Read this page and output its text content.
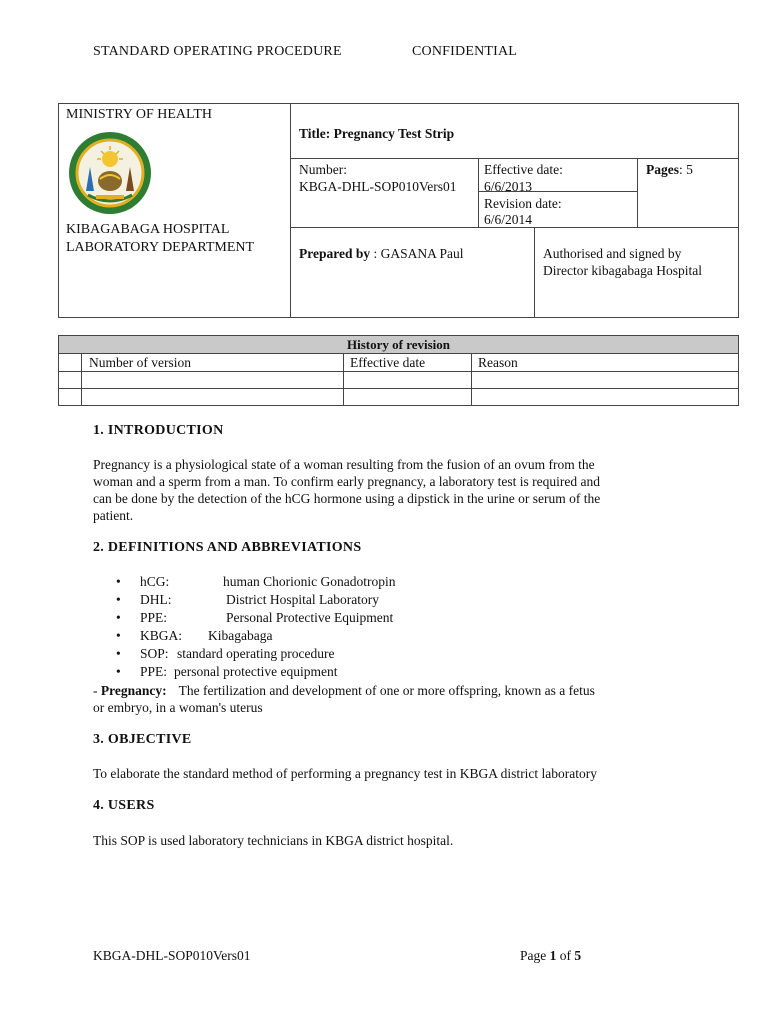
STANDARD OPERATING PROCEDURE	CONFIDENTIAL
MINISTRY OF HEALTH
KIBAGABAGA HOSPITAL
LABORATORY DEPARTMENT
Title: Pregnancy Test Strip
Number:
KBGA-DHL-SOP010Vers01
Effective date:
6/6/2013
Revision date:
6/6/2014
Pages: 5
Prepared by : GASANA Paul	Authorised and signed by
Director kibagabaga Hospital
History of revision
Number of version	Effective date	Reason
1. INTRODUCTION
Pregnancy is a physiological state of a woman resulting from the fusion of an ovum from the
woman and a sperm from a man. To confirm early pregnancy, a laboratory test is required and
can be done by the detection of the hCG hormone using a dipstick in the urine or serum of the
patient.
2. DEFINITIONS AND ABBREVIATIONS
• hCG:	human Chorionic Gonadotropin
• DHL:	District Hospital Laboratory
• PPE:	Personal Protective Equipment
• KBGA: Kibagabaga
• SOP: standard operating procedure
• PPE: personal protective equipment
- Pregnancy: The fertilization and development of one or more offspring, known as a fetus
or embryo, in a woman's uterus
3. OBJECTIVE
To elaborate the standard method of performing a pregnancy test in KBGA district laboratory
4. USERS
This SOP is used laboratory technicians in KBGA district hospital.
KBGA-DHL-SOP010Vers01	Page 1 of 5
